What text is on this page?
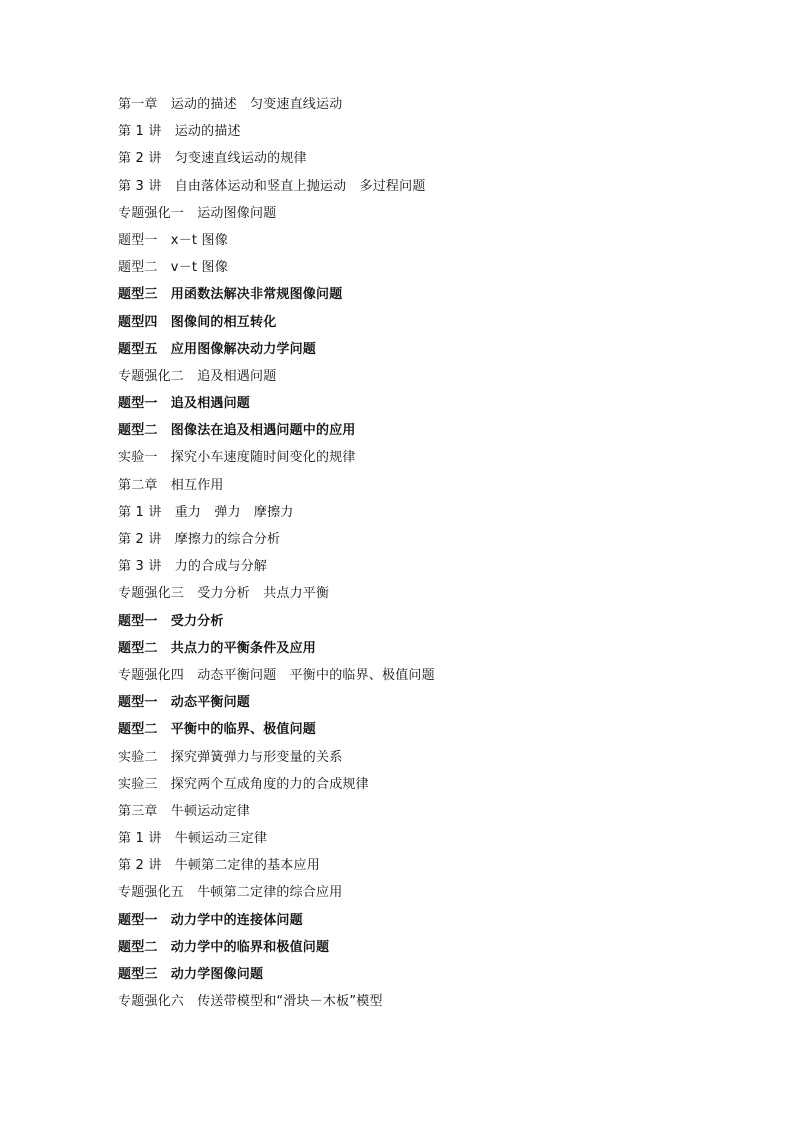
第一章　运动的描述　匀变速直线运动
第 1 讲　运动的描述
第 2 讲　匀变速直线运动的规律
第 3 讲　自由落体运动和竖直上抛运动　多过程问题
专题强化一　运动图像问题
题型一　x－t 图像
题型二　v－t 图像
题型三　用函数法解决非常规图像问题
题型四　图像间的相互转化
题型五　应用图像解决动力学问题
专题强化二　追及相遇问题
题型一　追及相遇问题
题型二　图像法在追及相遇问题中的应用
实验一　探究小车速度随时间变化的规律
第二章　相互作用
第 1 讲　重力　弹力　摩擦力
第 2 讲　摩擦力的综合分析
第 3 讲　力的合成与分解
专题强化三　受力分析　共点力平衡
题型一　受力分析
题型二　共点力的平衡条件及应用
专题强化四　动态平衡问题　平衡中的临界、极值问题
题型一　动态平衡问题
题型二　平衡中的临界、极值问题
实验二　探究弹簧弹力与形变量的关系
实验三　探究两个互成角度的力的合成规律
第三章　牛顿运动定律
第 1 讲　牛顿运动三定律
第 2 讲　牛顿第二定律的基本应用
专题强化五　牛顿第二定律的综合应用
题型一　动力学中的连接体问题
题型二　动力学中的临界和极值问题
题型三　动力学图像问题
专题强化六　传送带模型和“滑块－木板”模型
